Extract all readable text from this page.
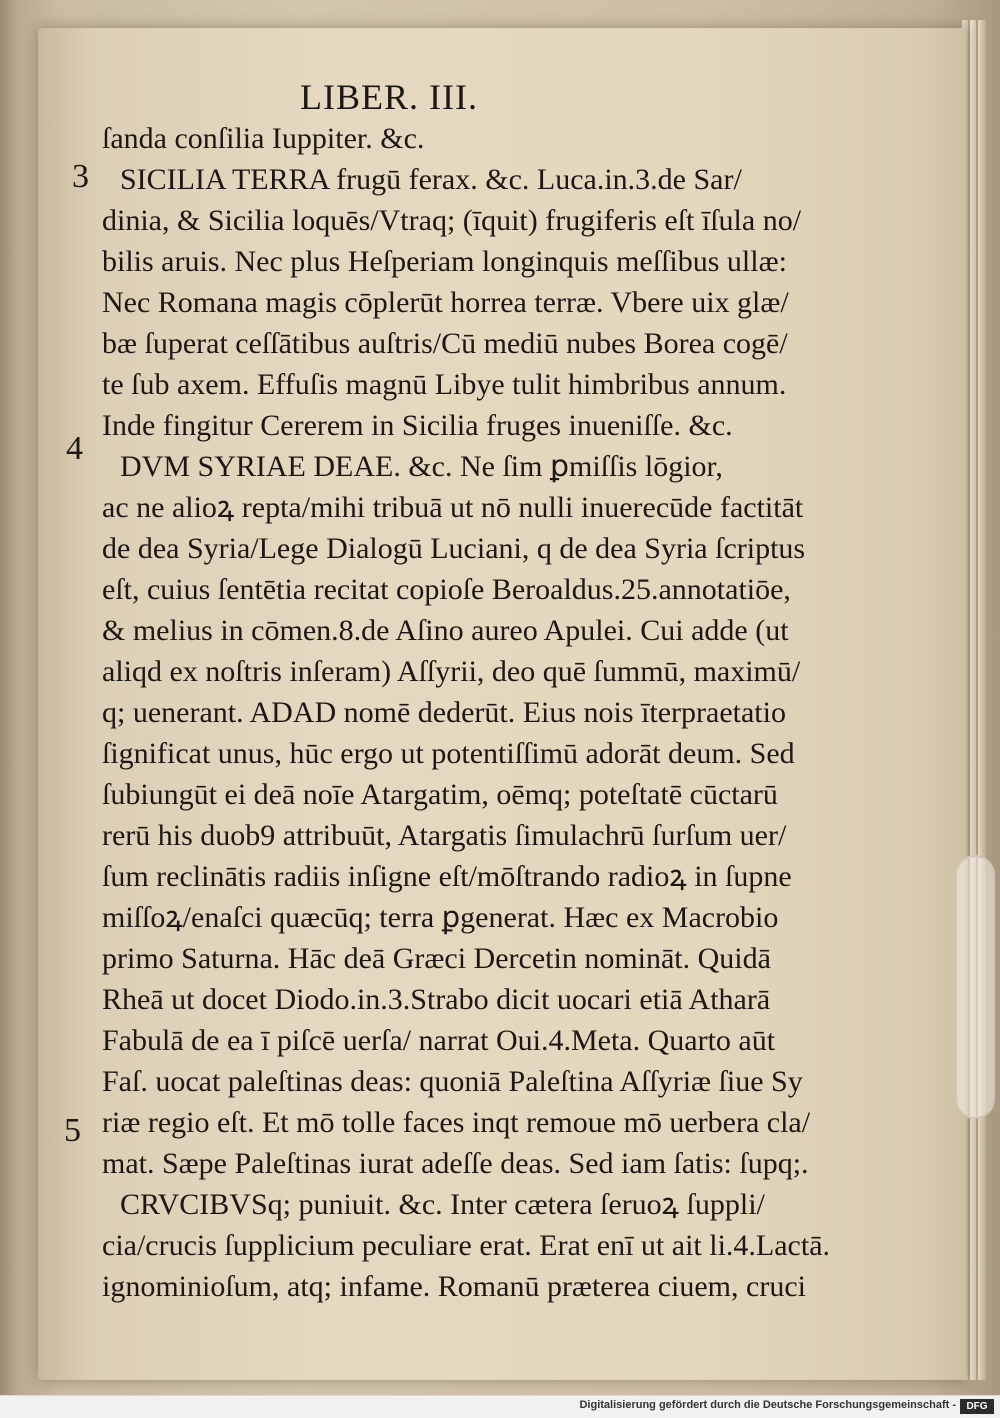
LIBER. III.
3
4
5
ſanda conſilia Iuppiter. &c.
SICILIA TERRA frugū ferax. &c. Luca.in.3.de Sar/
dinia, & Sicilia loquēs/Vtraq; (īquit) frugiferis eſt īſula no/
bilis aruis. Nec plus Heſperiam longinquis meſſibus ullæ:
Nec Romana magis cōplerūt horrea terræ. Vbere uix glæ/
bæ ſuperat ceſſātibus auſtris/Cū mediū nubes Borea cogē/
te ſub axem. Effuſis magnū Libye tulit himbribus annum.
Inde fingitur Cererem in Sicilia fruges inueniſſe. &c.
DVM SYRIAE DEAE. &c. Ne ſim ꝑmiſſis lōgior,
ac ne alioꝝ repta/mihi tribuā ut nō nulli inuerecūde factitāt
de dea Syria/Lege Dialogū Luciani, q de dea Syria ſcriptus
eſt, cuius ſentētia recitat copioſe Beroaldus.25.annotatiōe,
& melius in cōmen.8.de Aſino aureo Apulei. Cui adde (ut
aliqd ex noſtris inſeram) Aſſyrii, deo quē ſummū, maximū/
q; uenerant. ADAD nomē dederūt. Eius nois īterpraetatio
ſignificat unus, hūc ergo ut potentiſſimū adorāt deum. Sed
ſubiungūt ei deā noīe Atargatim, oēmq; poteſtatē cūctarū
rerū his duob9 attribuūt, Atargatis ſimulachrū ſurſum uer/
ſum reclinātis radiis inſigne eſt/mōſtrando radioꝝ in ſupne
miſſoꝝ/enaſci quæcūq; terra ꝑgenerat. Hæc ex Macrobio
primo Saturna. Hāc deā Græci Dercetin nomināt. Quidā
Rheā ut docet Diodo.in.3.Strabo dicit uocari etiā Atharā
Fabulā de ea ī piſcē uerſa/ narrat Oui.4.Meta. Quarto aūt
Faſ. uocat paleſtinas deas: quoniā Paleſtina Aſſyriæ ſiue Sy
riæ regio eſt. Et mō tolle faces inqt remoue mō uerbera cla/
mat. Sæpe Paleſtinas iurat adeſſe deas. Sed iam ſatis: ſupq;.
CRVCIBVSq; puniuit. &c. Inter cætera ſeruoꝝ ſuppli/
cia/crucis ſupplicium peculiare erat. Erat enī ut ait li.4.Lactā.
ignominioſum, atq; infame. Romanū præterea ciuem, cruci
Digitalisierung gefördert durch die Deutsche Forschungsgemeinschaft -	DFG
